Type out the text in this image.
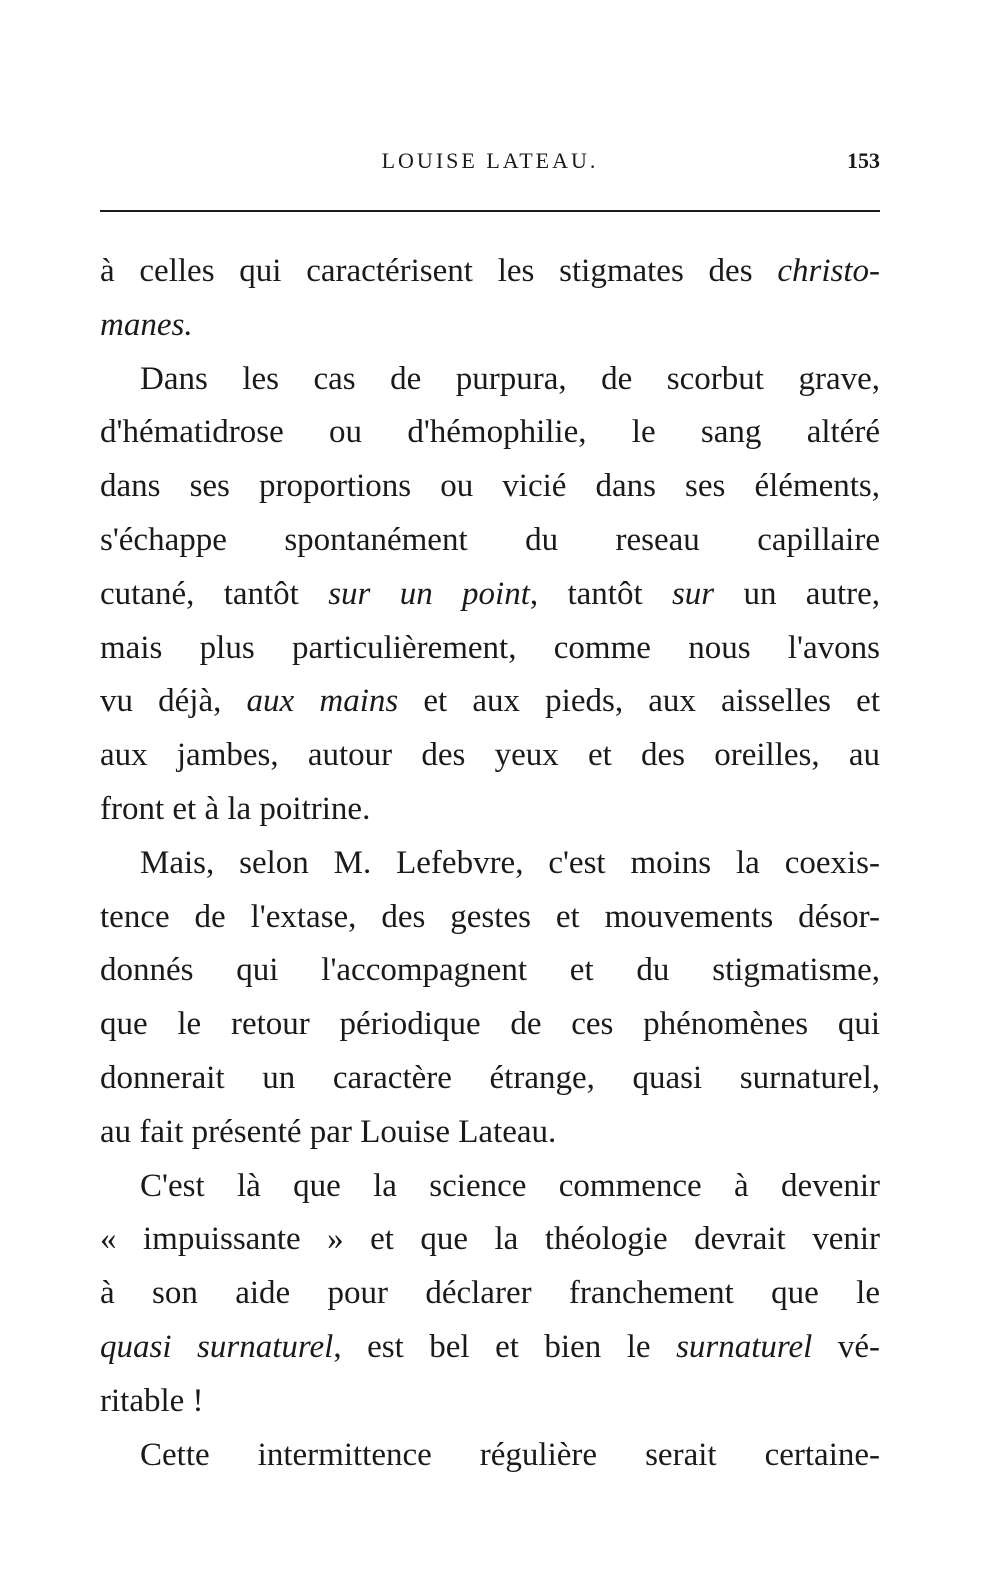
LOUISE LATEAU.	153
à celles qui caractérisent les stigmates des christo-
manes.
Dans les cas de purpura, de scorbut grave,
d'hématidrose ou d'hémophilie, le sang altéré
dans ses proportions ou vicié dans ses éléments,
s'échappe spontanément du reseau capillaire
cutané, tantôt sur un point, tantôt sur un autre,
mais plus particulièrement, comme nous l'avons
vu déjà, aux mains et aux pieds, aux aisselles et
aux jambes, autour des yeux et des oreilles, au
front et à la poitrine.
Mais, selon M. Lefebvre, c'est moins la coexis-
tence de l'extase, des gestes et mouvements désor-
donnés qui l'accompagnent et du stigmatisme,
que le retour périodique de ces phénomènes qui
donnerait un caractère étrange, quasi surnaturel,
au fait présenté par Louise Lateau.
C'est là que la science commence à devenir
« impuissante » et que la théologie devrait venir
à son aide pour déclarer franchement que le
quasi surnaturel, est bel et bien le surnaturel vé-
ritable !
Cette intermittence régulière serait certaine-
